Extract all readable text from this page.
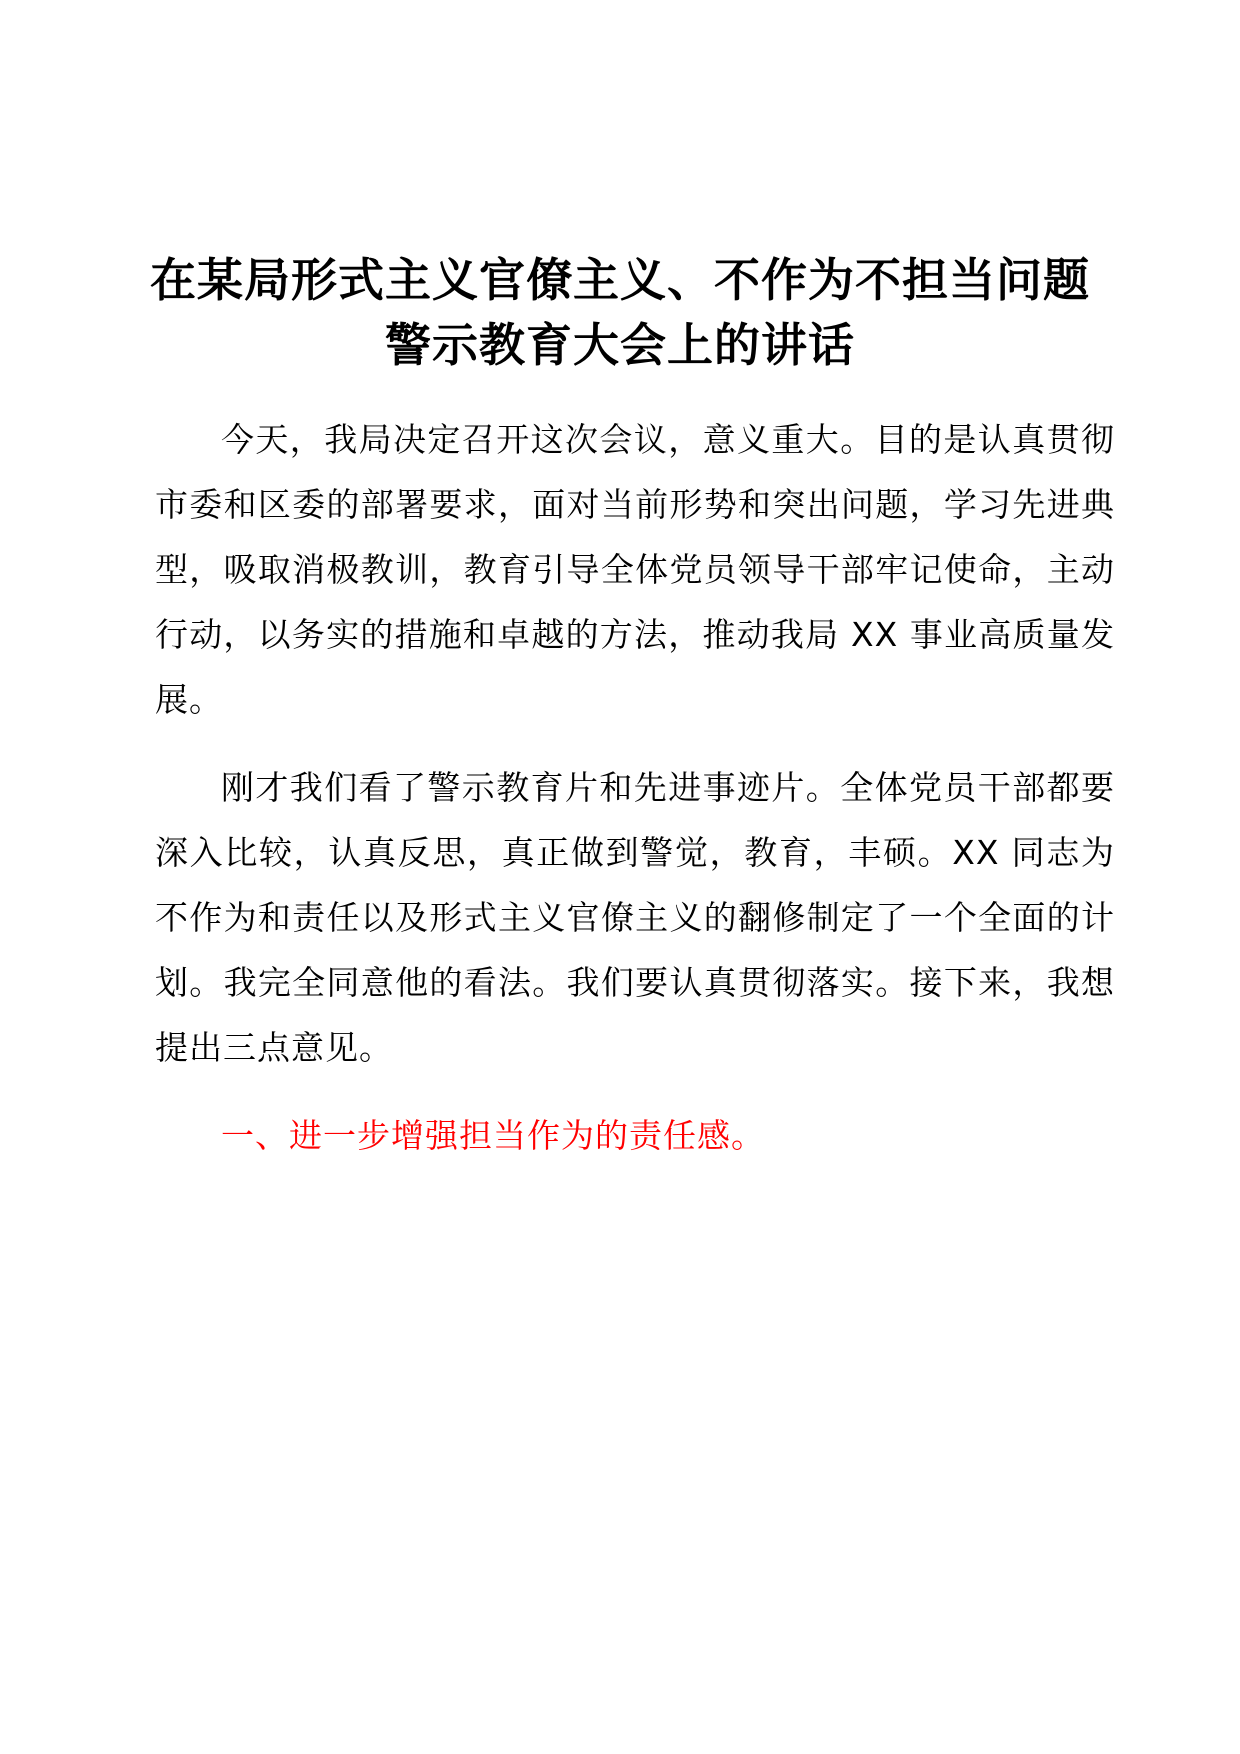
在某局形式主义官僚主义、不作为不担当问题
警示教育大会上的讲话

今天，我局决定召开这次会议，意义重大。目的是认真贯彻市委和区委的部署要求，面对当前形势和突出问题，学习先进典型，吸取消极教训，教育引导全体党员领导干部牢记使命，主动行动，以务实的措施和卓越的方法，推动我局 XX 事业高质量发展。

刚才我们看了警示教育片和先进事迹片。全体党员干部都要深入比较，认真反思，真正做到警觉，教育，丰硕。XX 同志为不作为和责任以及形式主义官僚主义的翻修制定了一个全面的计划。我完全同意他的看法。我们要认真贯彻落实。接下来，我想提出三点意见。

一、进一步增强担当作为的责任感。
